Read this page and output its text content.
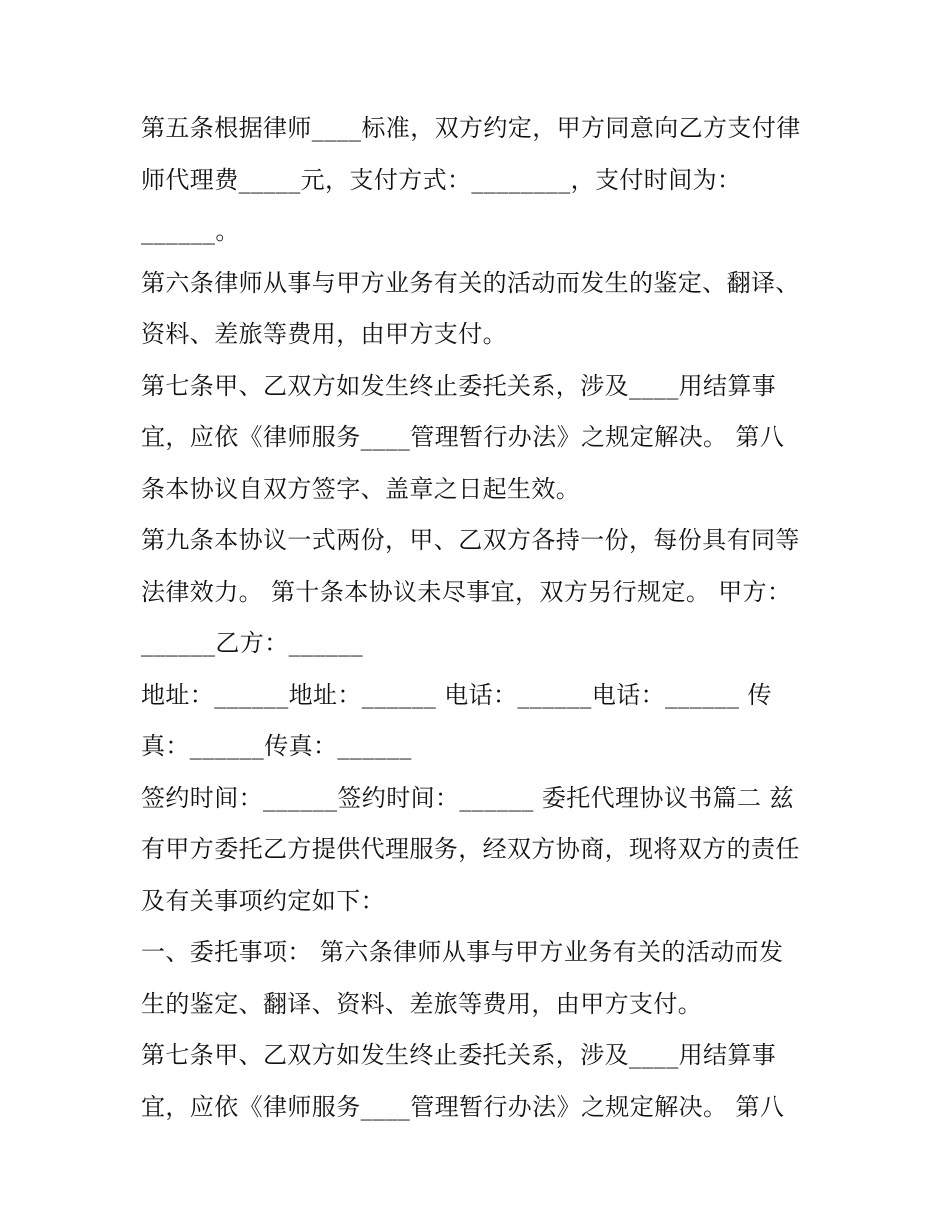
第五条根据律师____标准，双方约定，甲方同意向乙方支付律
师代理费_____元，支付方式：________，支付时间为：
______。
第六条律师从事与甲方业务有关的活动而发生的鉴定、翻译、
资料、差旅等费用，由甲方支付。
第七条甲、乙双方如发生终止委托关系，涉及____用结算事
宜，应依《律师服务____管理暂行办法》之规定解决。 第八
条本协议自双方签字、盖章之日起生效。
第九条本协议一式两份，甲、乙双方各持一份，每份具有同等
法律效力。 第十条本协议未尽事宜，双方另行规定。 甲方：
______乙方：______
地址：______地址：______ 电话：______电话：______ 传
真：______传真：______
签约时间：______签约时间：______ 委托代理协议书篇二 兹
有甲方委托乙方提供代理服务，经双方协商，现将双方的责任
及有关事项约定如下：
一、委托事项： 第六条律师从事与甲方业务有关的活动而发
生的鉴定、翻译、资料、差旅等费用，由甲方支付。
第七条甲、乙双方如发生终止委托关系，涉及____用结算事
宜，应依《律师服务____管理暂行办法》之规定解决。 第八
